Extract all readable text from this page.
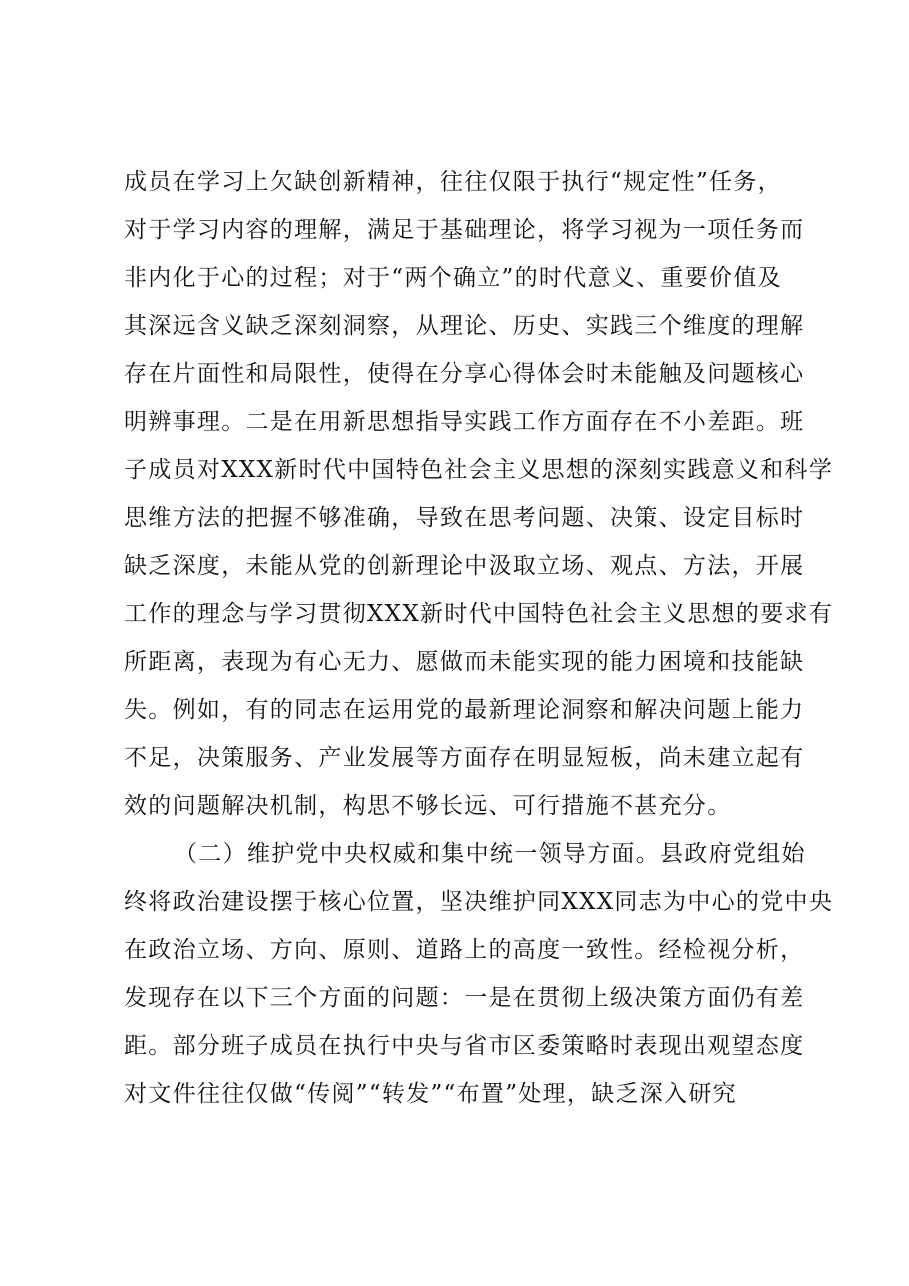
成员在学习上欠缺创新精神，往往仅限于执行“规定性”任务，
对于学习内容的理解，满足于基础理论，将学习视为一项任务而
非内化于心的过程；对于“两个确立”的时代意义、重要价值及
其深远含义缺乏深刻洞察，从理论、历史、实践三个维度的理解
存在片面性和局限性，使得在分享心得体会时未能触及问题核心
明辨事理。二是在用新思想指导实践工作方面存在不小差距。班
子成员对XXX新时代中国特色社会主义思想的深刻实践意义和科学
思维方法的把握不够准确，导致在思考问题、决策、设定目标时
缺乏深度，未能从党的创新理论中汲取立场、观点、方法，开展
工作的理念与学习贯彻XXX新时代中国特色社会主义思想的要求有
所距离，表现为有心无力、愿做而未能实现的能力困境和技能缺
失。例如，有的同志在运用党的最新理论洞察和解决问题上能力
不足，决策服务、产业发展等方面存在明显短板，尚未建立起有
效的问题解决机制，构思不够长远、可行措施不甚充分。
（二）维护党中央权威和集中统一领导方面。县政府党组始
终将政治建设摆于核心位置，坚决维护同XXX同志为中心的党中央
在政治立场、方向、原则、道路上的高度一致性。经检视分析，
发现存在以下三个方面的问题：一是在贯彻上级决策方面仍有差
距。部分班子成员在执行中央与省市区委策略时表现出观望态度
对文件往往仅做“传阅”“转发”“布置”处理，缺乏深入研究
